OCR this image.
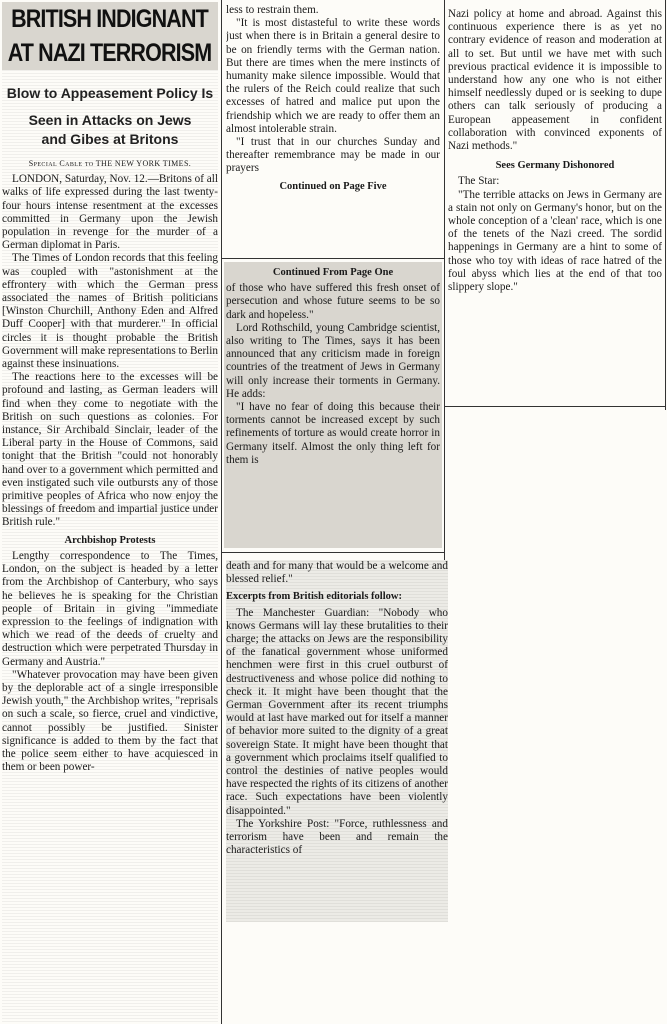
BRITISH INDIGNANT
AT NAZI TERRORISM
Blow to Appeasement Policy Is
Seen in Attacks on Jews
and Gibes at Britons
Special Cable to THE NEW YORK TIMES.

LONDON, Saturday, Nov. 12.—Britons of all walks of life expressed during the last twenty-four hours intense resentment at the excesses committed in Germany upon the Jewish population in revenge for the murder of a German diplomat in Paris.

The Times of London records that this feeling was coupled with "astonishment at the effrontery with which the German press associated the names of British politicians [Winston Churchill, Anthony Eden and Alfred Duff Cooper] with that murderer." In official circles it is thought probable the British Government will make representations to Berlin against these insinuations.

The reactions here to the excesses will be profound and lasting, as German leaders will find when they come to negotiate with the British on such questions as colonies. For instance, Sir Archibald Sinclair, leader of the Liberal party in the House of Commons, said tonight that the British "could not honorably hand over to a government which permitted and even instigated such vile outbursts any of those primitive peoples of Africa who now enjoy the blessings of freedom and impartial justice under British rule."

Archbishop Protests

Lengthy correspondence to The Times, London, on the subject is headed by a letter from the Archbishop of Canterbury, who says he believes he is speaking for the Christian people of Britain in giving "immediate expression to the feelings of indignation with which we read of the deeds of cruelty and destruction which were perpetrated Thursday in Germany and Austria."

"Whatever provocation may have been given by the deplorable act of a single irresponsible Jewish youth," the Archbishop writes, "reprisals on such a scale, so fierce, cruel and vindictive, cannot possibly be justified. Sinister significance is added to them by the fact that the police seem either to have acquiesced in them or been power-

less to restrain them.

"It is most distasteful to write these words just when there is in Britain a general desire to be on friendly terms with the German nation. But there are times when the mere instincts of humanity make silence impossible. Would that the rulers of the Reich could realize that such excesses of hatred and malice put upon the friendship which we are ready to offer them an almost intolerable strain.

"I trust that in our churches Sunday and thereafter remembrance may be made in our prayers

Continued on Page Five
Continued From Page One

of those who have suffered this fresh onset of persecution and whose future seems to be so dark and hopeless."

Lord Rothschild, young Cambridge scientist, also writing to The Times, says it has been announced that any criticism made in foreign countries of the treatment of Jews in Germany will only increase their torments in Germany. He adds:

"I have no fear of doing this because their torments cannot be increased except by such refinements of torture as would create horror in Germany itself. Almost the only thing left for them is

death and for many that would be a welcome and blessed relief."

Excerpts from British editorials follow:

The Manchester Guardian: "Nobody who knows Germans will lay these brutalities to their charge; the attacks on Jews are the responsibility of the fanatical government whose uniformed henchmen were first in this cruel outburst of destructiveness and whose police did nothing to check it. It might have been thought that the German Government after its recent triumphs would at last have marked out for itself a manner of behavior more suited to the dignity of a great sovereign State. It might have been thought that a government which proclaims itself qualified to control the destinies of native peoples would have respected the rights of its citizens of another race. Such expectations have been violently disappointed."

The Yorkshire Post: "Force, ruthlessness and terrorism have been and remain the characteristics of

Nazi policy at home and abroad. Against this continuous experience there is as yet no contrary evidence of reason and moderation at all to set. But until we have met with such previous practical evidence it is impossible to understand how any one who is not either himself needlessly duped or is seeking to dupe others can talk seriously of producing a European appeasement in confident collaboration with convinced exponents of Nazi methods."

Sees Germany Dishonored

The Star:

"The terrible attacks on Jews in Germany are a stain not only on Germany's honor, but on the whole conception of a 'clean' race, which is one of the tenets of the Nazi creed. The sordid happenings in Germany are a hint to some of those who toy with ideas of race hatred of the foul abyss which lies at the end of that too slippery slope."
